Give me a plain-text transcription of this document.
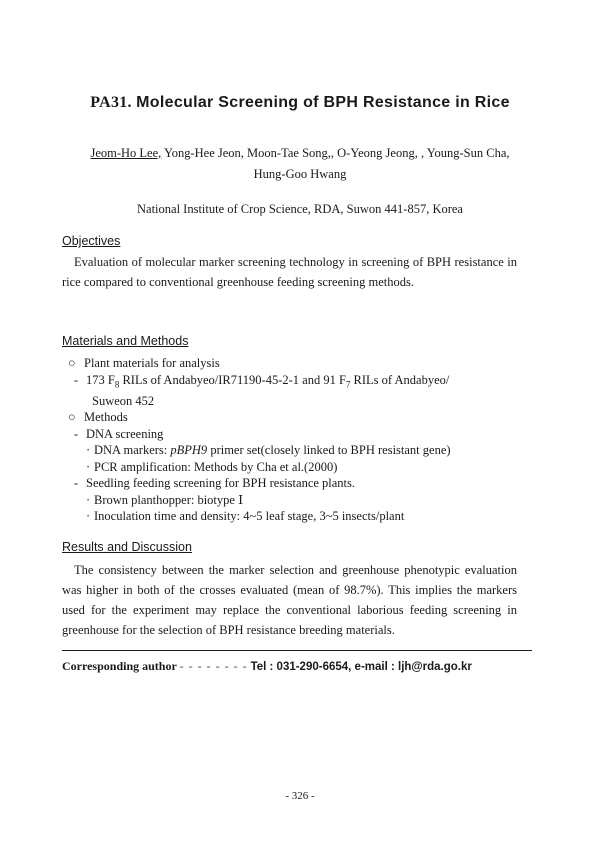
PA31. Molecular Screening of BPH Resistance in Rice
Jeom-Ho Lee, Yong-Hee Jeon, Moon-Tae Song,, O-Yeong Jeong, , Young-Sun Cha,
Hung-Goo Hwang
National Institute of Crop Science, RDA, Suwon 441-857, Korea
Objectives

Evaluation of molecular marker screening technology in screening of BPH resistance in rice compared to conventional greenhouse feeding screening methods.

Materials and Methods
○ Plant materials for analysis
- 173 $F_8$ RILs of Andabyeo/IR71190-45-2-1 and 91 $F_7$ RILs of Andabyeo/
Suweon 452
○ Methods
- DNA screening
· DNA markers: pBPH9 primer set(closely linked to BPH resistant gene)
· PCR amplification: Methods by Cha et al.(2000)
- Seedling feeding screening for BPH resistance plants.
· Brown planthopper: biotype Ⅰ
· Inoculation time and density: 4~5 leaf stage, 3~5 insects/plant
Results and Discussion

The consistency between the marker selection and greenhouse phenotypic evaluation was higher in both of the crosses evaluated (mean of 98.7%). This implies the markers used for the experiment may replace the conventional laborious feeding screening in greenhouse for the selection of BPH resistance breeding materials.

Corresponding author - - - - - - - - Tel : 031-290-6654, e-mail : ljh@rda.go.kr
- 326 -
